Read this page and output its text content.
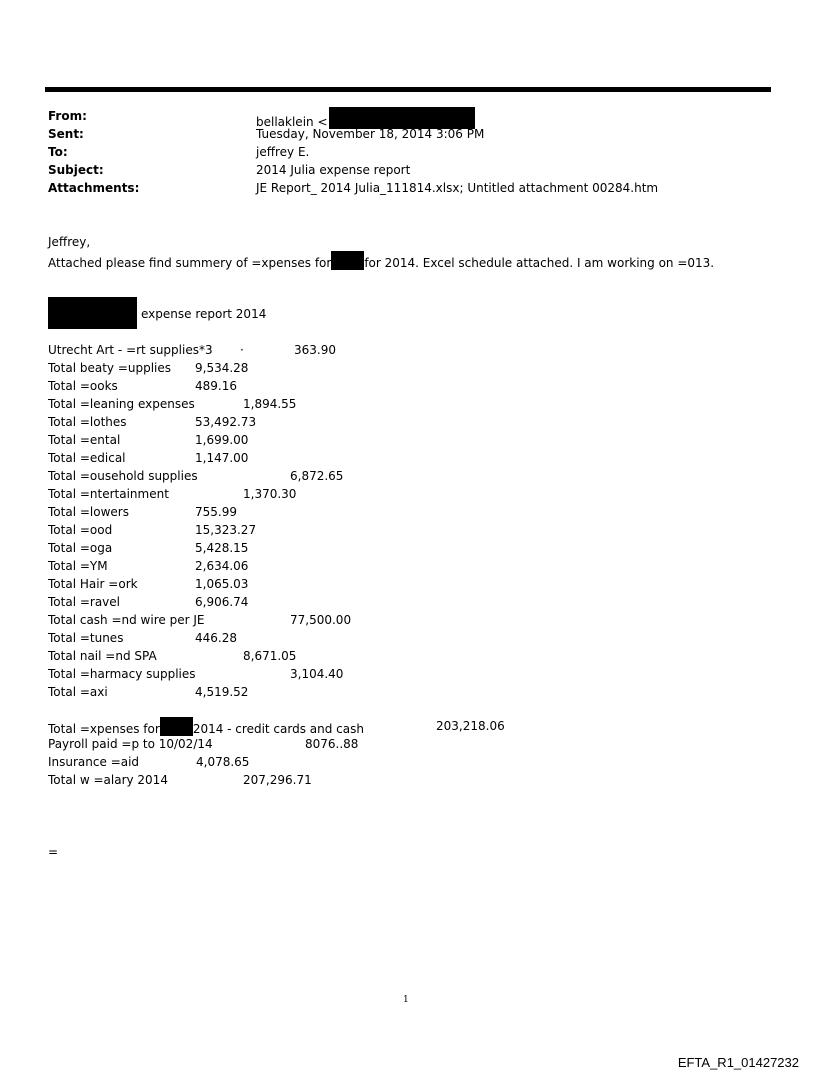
From:	bellaklein <
Sent:	Tuesday, November 18, 2014 3:06 PM
To:	jeffrey E.
Subject:	2014 Julia expense report
Attachments:	JE Report_ 2014 Julia_111814.xlsx; Untitled attachment 00284.htm
Jeffrey,
Attached please find summery of =xpenses for	for 2014. Excel schedule attached. I am working on =013.
expense report 2014
Utrecht Art - =rt supplies*3 ·	363.90
Total beaty =upplies 9,534.28
Total =ooks	489.16
Total =leaning expenses	1,894.55
Total =lothes	53,492.73
Total =ental	1,699.00
Total =edical	1,147.00
Total =ousehold supplies	6,872.65
Total =ntertainment	1,370.30
Total =lowers	755.99
Total =ood	15,323.27
Total =oga	5,428.15
Total =YM	2,634.06
Total Hair =ork	1,065.03
Total =ravel	6,906.74
Total cash =nd wire per JE	77,500.00
Total =tunes	446.28
Total nail =nd SPA	8,671.05
Total =harmacy supplies	3,104.40
Total =axi	4,519.52
Total =xpenses for	2014 - credit cards and cash	203,218.06
Payroll paid =p to 10/02/14	8076..88
Insurance =aid	4,078.65
Total w =alary 2014	207,296.71
=
1
EFTA_R1_01427232
